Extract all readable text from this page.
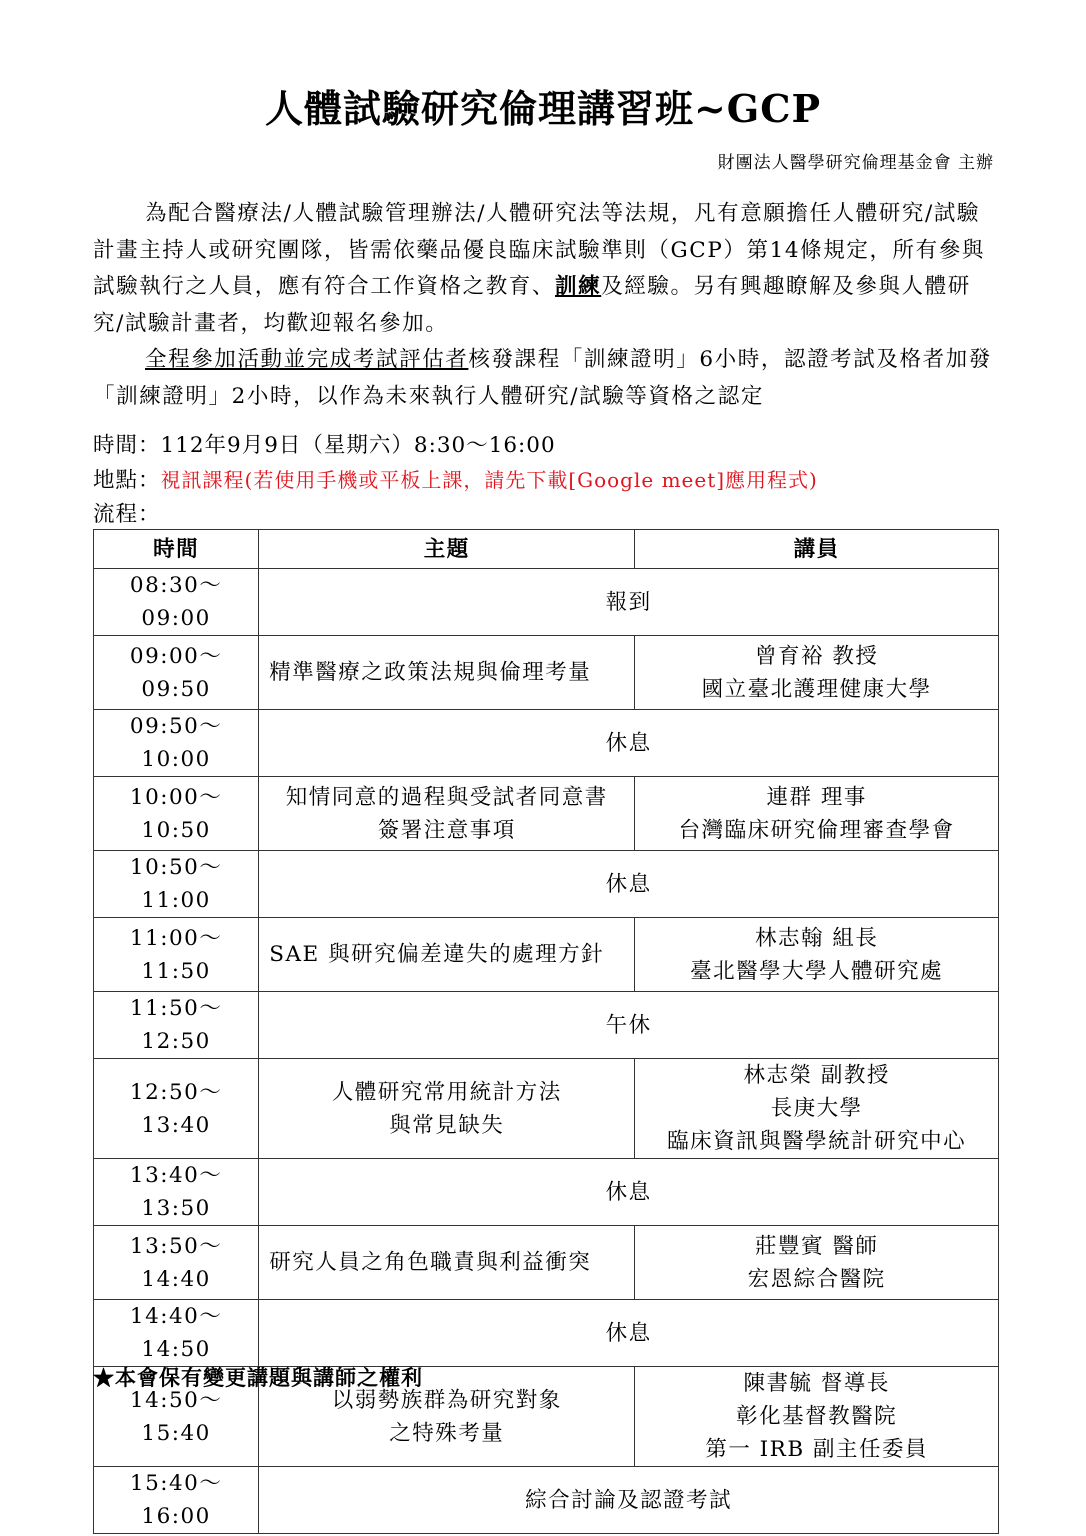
人體試驗研究倫理講習班~GCP
財團法人醫學研究倫理基金會 主辦
為配合醫療法/人體試驗管理辦法/人體研究法等法規，凡有意願擔任人體研究/試驗計畫主持人或研究團隊，皆需依藥品優良臨床試驗準則（GCP）第14條規定，所有參與試驗執行之人員，應有符合工作資格之教育、訓練及經驗。另有興趣瞭解及參與人體研究/試驗計畫者，均歡迎報名參加。
全程參加活動並完成考試評估者核發課程「訓練證明」6小時，認證考試及格者加發「訓練證明」2小時，以作為未來執行人體研究/試驗等資格之認定
時間：112年9月9日（星期六）8:30～16:00
地點：視訊課程(若使用手機或平板上課，請先下載[Google meet]應用程式)
流程：
時間	主題	講員
08:30～09:00	報到	
09:00～09:50	精準醫療之政策法規與倫理考量	曾育裕 教授
國立臺北護理健康大學

09:50～10:00	休息	
10:00～10:50	知情同意的過程與受試者同意書
簽署注意事項	連群 理事
台灣臨床研究倫理審查學會

10:50～11:00	休息	
11:00～11:50	SAE 與研究偏差違失的處理方針	林志翰 組長
臺北醫學大學人體研究處

11:50～12:50	午休	
12:50～13:40	人體研究常用統計方法
與常見缺失	林志榮 副教授
長庚大學
臨床資訊與醫學統計研究中心

13:40～13:50	休息	
13:50～14:40	研究人員之角色職責與利益衝突	莊豐賓 醫師
宏恩綜合醫院

14:40～14:50	休息	
14:50～15:40	以弱勢族群為研究對象
之特殊考量	陳書毓 督導長
彰化基督教醫院
第一 IRB 副主任委員

15:40～16:00	綜合討論及認證考試	
★本會保有變更講題與講師之權利
